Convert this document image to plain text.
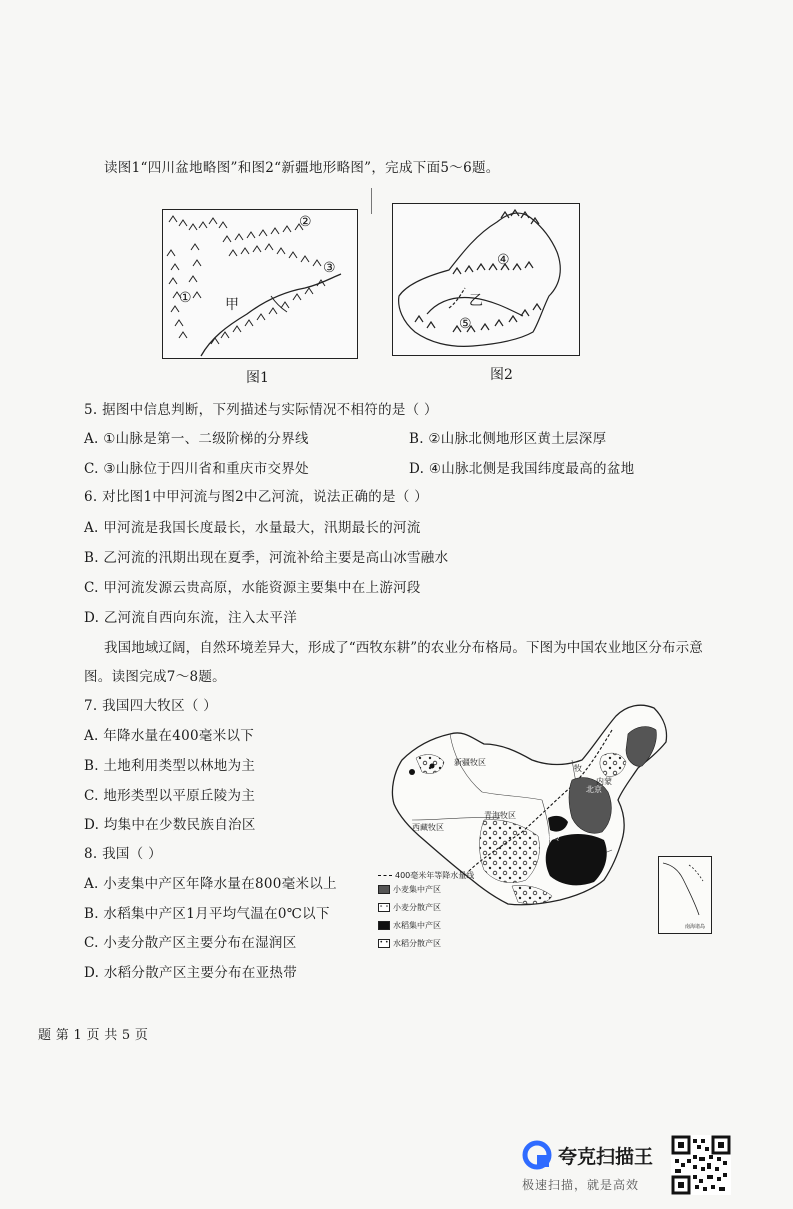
读图1“四川盆地略图”和图2“新疆地形略图”，完成下面5～6题。
①
②
③
甲
图1
④
⑤
乙
图2
5. 据图中信息判断，下列描述与实际情况不相符的是（ ）
A. ①山脉是第一、二级阶梯的分界线	B. ②山脉北侧地形区黄土层深厚
C. ③山脉位于四川省和重庆市交界处	D. ④山脉北侧是我国纬度最高的盆地
6. 对比图1中甲河流与图2中乙河流，说法正确的是（ ）
A. 甲河流是我国长度最长，水量最大，汛期最长的河流
B. 乙河流的汛期出现在夏季，河流补给主要是高山冰雪融水
C. 甲河流发源云贵高原，水能资源主要集中在上游河段
D. 乙河流自西向东流，注入太平洋
我国地域辽阔，自然环境差异大，形成了“西牧东耕”的农业分布格局。下图为中国农业地区分布示意
图。读图完成7～8题。
7. 我国四大牧区（ ）
A. 年降水量在400毫米以下
B. 土地利用类型以林地为主
C. 地形类型以平原丘陵为主
D. 均集中在少数民族自治区
8. 我国（ ）
A. 小麦集中产区年降水量在800毫米以上
B. 水稻集中产区1月平均气温在0℃以下
C. 小麦分散产区主要分布在湿润区
D. 水稻分散产区主要分布在亚热带
新疆牧区
内蒙
牧
青海牧区
西藏牧区
北京
秦岭
400毫米年等降水量线
小麦集中产区
∘ ∘ 小麦分散产区
水稻集中产区
• • 水稻分散产区
南海诸岛
题 第 1 页 共 5 页
夸克扫描王
极速扫描，就是高效
